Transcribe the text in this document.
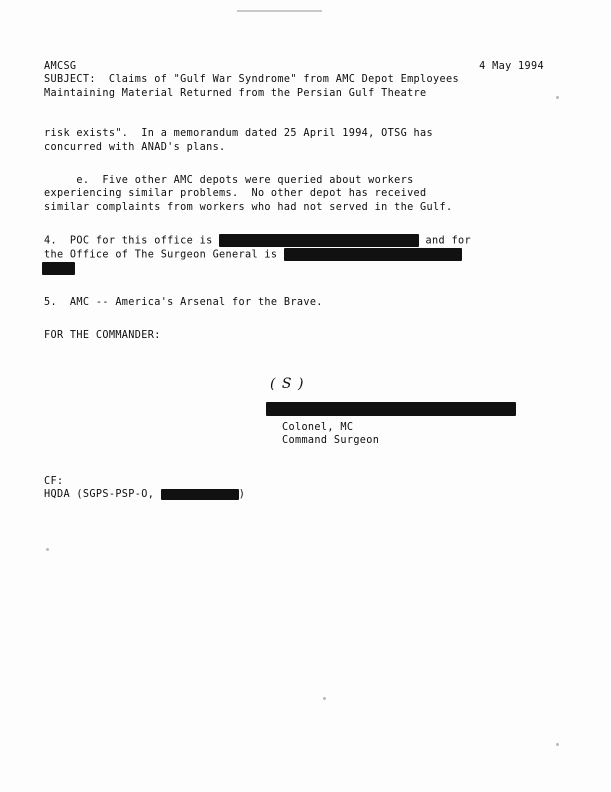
AMCSG	4 May 1994
SUBJECT:  Claims of "Gulf War Syndrome" from AMC Depot Employees
Maintaining Material Returned from the Persian Gulf Theatre
risk exists".  In a memorandum dated 25 April 1994, OTSG has
concurred with ANAD's plans.
e.  Five other AMC depots were queried about workers
experiencing similar problems.  No other depot has received
similar complaints from workers who had not served in the Gulf.
4.  POC for this office is	and for
the Office of The Surgeon General is
5.  AMC -- America's Arsenal for the Brave.
FOR THE COMMANDER:
( S )
Colonel, MC
Command Surgeon
CF:
HQDA (SGPS-PSP-O,	)
